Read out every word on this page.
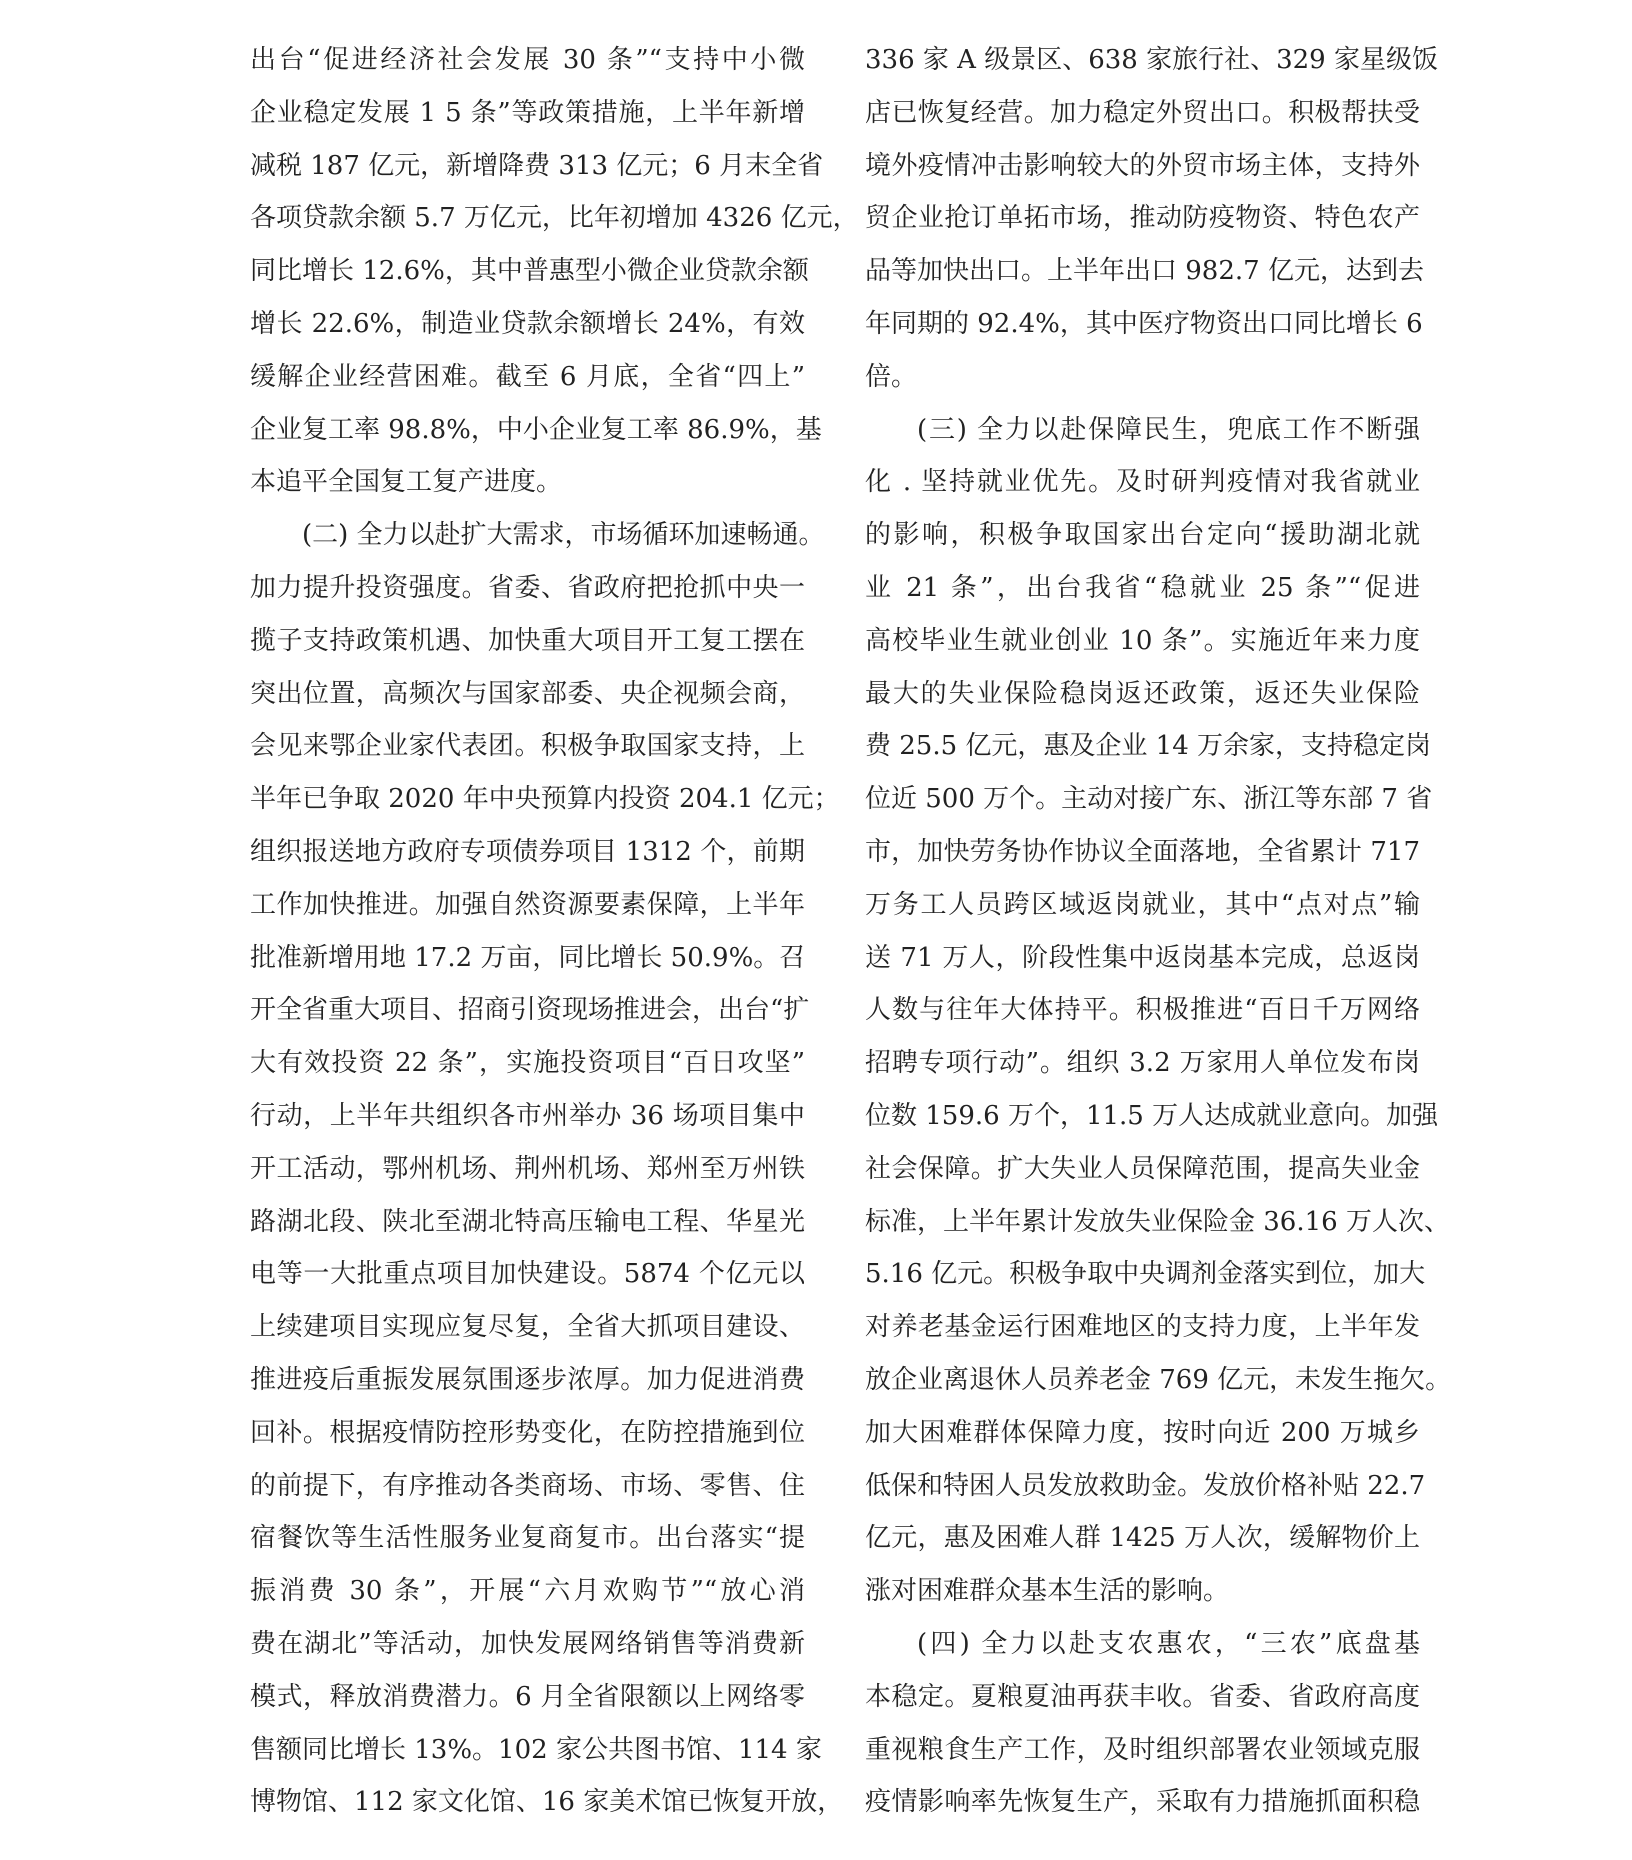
出台“促进经济社会发展 30 条”“支持中小微
企业稳定发展 1 5 条”等政策措施，上半年新增
减税 187 亿元，新增降费 313 亿元；6 月末全省
各项贷款余额 5.7 万亿元，比年初增加 4326 亿元，
同比增长 12.6%，其中普惠型小微企业贷款余额
增长 22.6%，制造业贷款余额增长 24%，有效
缓解企业经营困难。截至 6 月底，全省“四上”
企业复工率 98.8%，中小企业复工率 86.9%，基
本追平全国复工复产进度。
(二) 全力以赴扩大需求，市场循环加速畅通。
加力提升投资强度。省委、省政府把抢抓中央一
揽子支持政策机遇、加快重大项目开工复工摆在
突出位置，高频次与国家部委、央企视频会商，
会见来鄂企业家代表团。积极争取国家支持，上
半年已争取 2020 年中央预算内投资 204.1 亿元；
组织报送地方政府专项债券项目 1312 个，前期
工作加快推进。加强自然资源要素保障，上半年
批准新增用地 17.2 万亩，同比增长 50.9%。召
开全省重大项目、招商引资现场推进会，出台“扩
大有效投资 22 条”，实施投资项目“百日攻坚”
行动，上半年共组织各市州举办 36 场项目集中
开工活动，鄂州机场、荆州机场、郑州至万州铁
路湖北段、陕北至湖北特高压输电工程、华星光
电等一大批重点项目加快建设。5874 个亿元以
上续建项目实现应复尽复，全省大抓项目建设、
推进疫后重振发展氛围逐步浓厚。加力促进消费
回补。根据疫情防控形势变化，在防控措施到位
的前提下，有序推动各类商场、市场、零售、住
宿餐饮等生活性服务业复商复市。出台落实“提
振消费 30 条”，开展“六月欢购节”“放心消
费在湖北”等活动，加快发展网络销售等消费新
模式，释放消费潜力。6 月全省限额以上网络零
售额同比增长 13%。102 家公共图书馆、114 家
博物馆、112 家文化馆、16 家美术馆已恢复开放，
336 家 A 级景区、638 家旅行社、329 家星级饭
店已恢复经营。加力稳定外贸出口。积极帮扶受
境外疫情冲击影响较大的外贸市场主体，支持外
贸企业抢订单拓市场，推动防疫物资、特色农产
品等加快出口。上半年出口 982.7 亿元，达到去
年同期的 92.4%，其中医疗物资出口同比增长 6
倍。
(三) 全力以赴保障民生，兜底工作不断强
化 . 坚持就业优先。及时研判疫情对我省就业
的影响，积极争取国家出台定向“援助湖北就
业 21 条”，出台我省“稳就业 25 条”“促进
高校毕业生就业创业 10 条”。实施近年来力度
最大的失业保险稳岗返还政策，返还失业保险
费 25.5 亿元，惠及企业 14 万余家，支持稳定岗
位近 500 万个。主动对接广东、浙江等东部 7 省
市，加快劳务协作协议全面落地，全省累计 717
万务工人员跨区域返岗就业，其中“点对点”输
送 71 万人，阶段性集中返岗基本完成，总返岗
人数与往年大体持平。积极推进“百日千万网络
招聘专项行动”。组织 3.2 万家用人单位发布岗
位数 159.6 万个，11.5 万人达成就业意向。加强
社会保障。扩大失业人员保障范围，提高失业金
标准，上半年累计发放失业保险金 36.16 万人次、
5.16 亿元。积极争取中央调剂金落实到位，加大
对养老基金运行困难地区的支持力度，上半年发
放企业离退休人员养老金 769 亿元，未发生拖欠。
加大困难群体保障力度，按时向近 200 万城乡
低保和特困人员发放救助金。发放价格补贴 22.7
亿元，惠及困难人群 1425 万人次，缓解物价上
涨对困难群众基本生活的影响。
(四) 全力以赴支农惠农，“三农”底盘基
本稳定。夏粮夏油再获丰收。省委、省政府高度
重视粮食生产工作，及时组织部署农业领域克服
疫情影响率先恢复生产，采取有力措施抓面积稳
